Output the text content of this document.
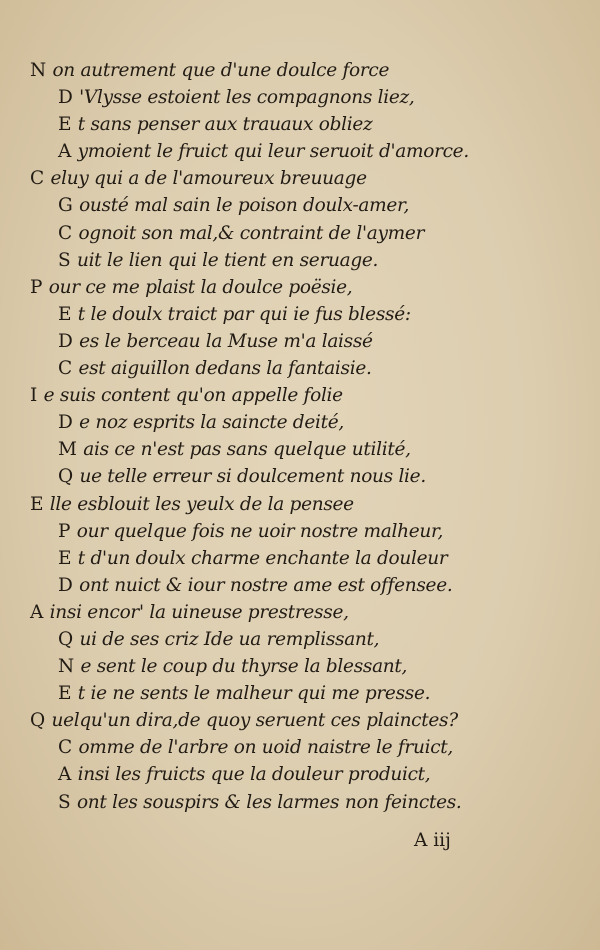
N on autrement que d'une doulce force
D 'Vlysse estoient les compagnons liez,
E t sans penser aux trauaux obliez
A ymoient le fruict qui leur seruoit d'amorce.
C eluy qui a de l'amoureux breuuage
G ousté mal sain le poison doulx-amer,
C ognoit son mal,& contraint de l'aymer
S uit le lien qui le tient en seruage.
P our ce me plaist la doulce poësie,
E t le doulx traict par qui ie fus blessé:
D es le berceau la Muse m'a laissé
C est aiguillon dedans la fantaisie.
I e suis content qu'on appelle folie
D e noz esprits la saincte deité,
M ais ce n'est pas sans quelque utilité,
Q ue telle erreur si doulcement nous lie.
E lle esblouit les yeulx de la pensee
P our quelque fois ne uoir nostre malheur,
E t d'un doulx charme enchante la douleur
D ont nuict & iour nostre ame est offensee.
A insi encor' la uineuse prestresse,
Q ui de ses criz Ide ua remplissant,
N e sent le coup du thyrse la blessant,
E t ie ne sents le malheur qui me presse.
Q uelqu'un dira,de quoy seruent ces plainctes?
C omme de l'arbre on uoid naistre le fruict,
A insi les fruicts que la douleur produict,
S ont les souspirs & les larmes non feinctes.
A iij
